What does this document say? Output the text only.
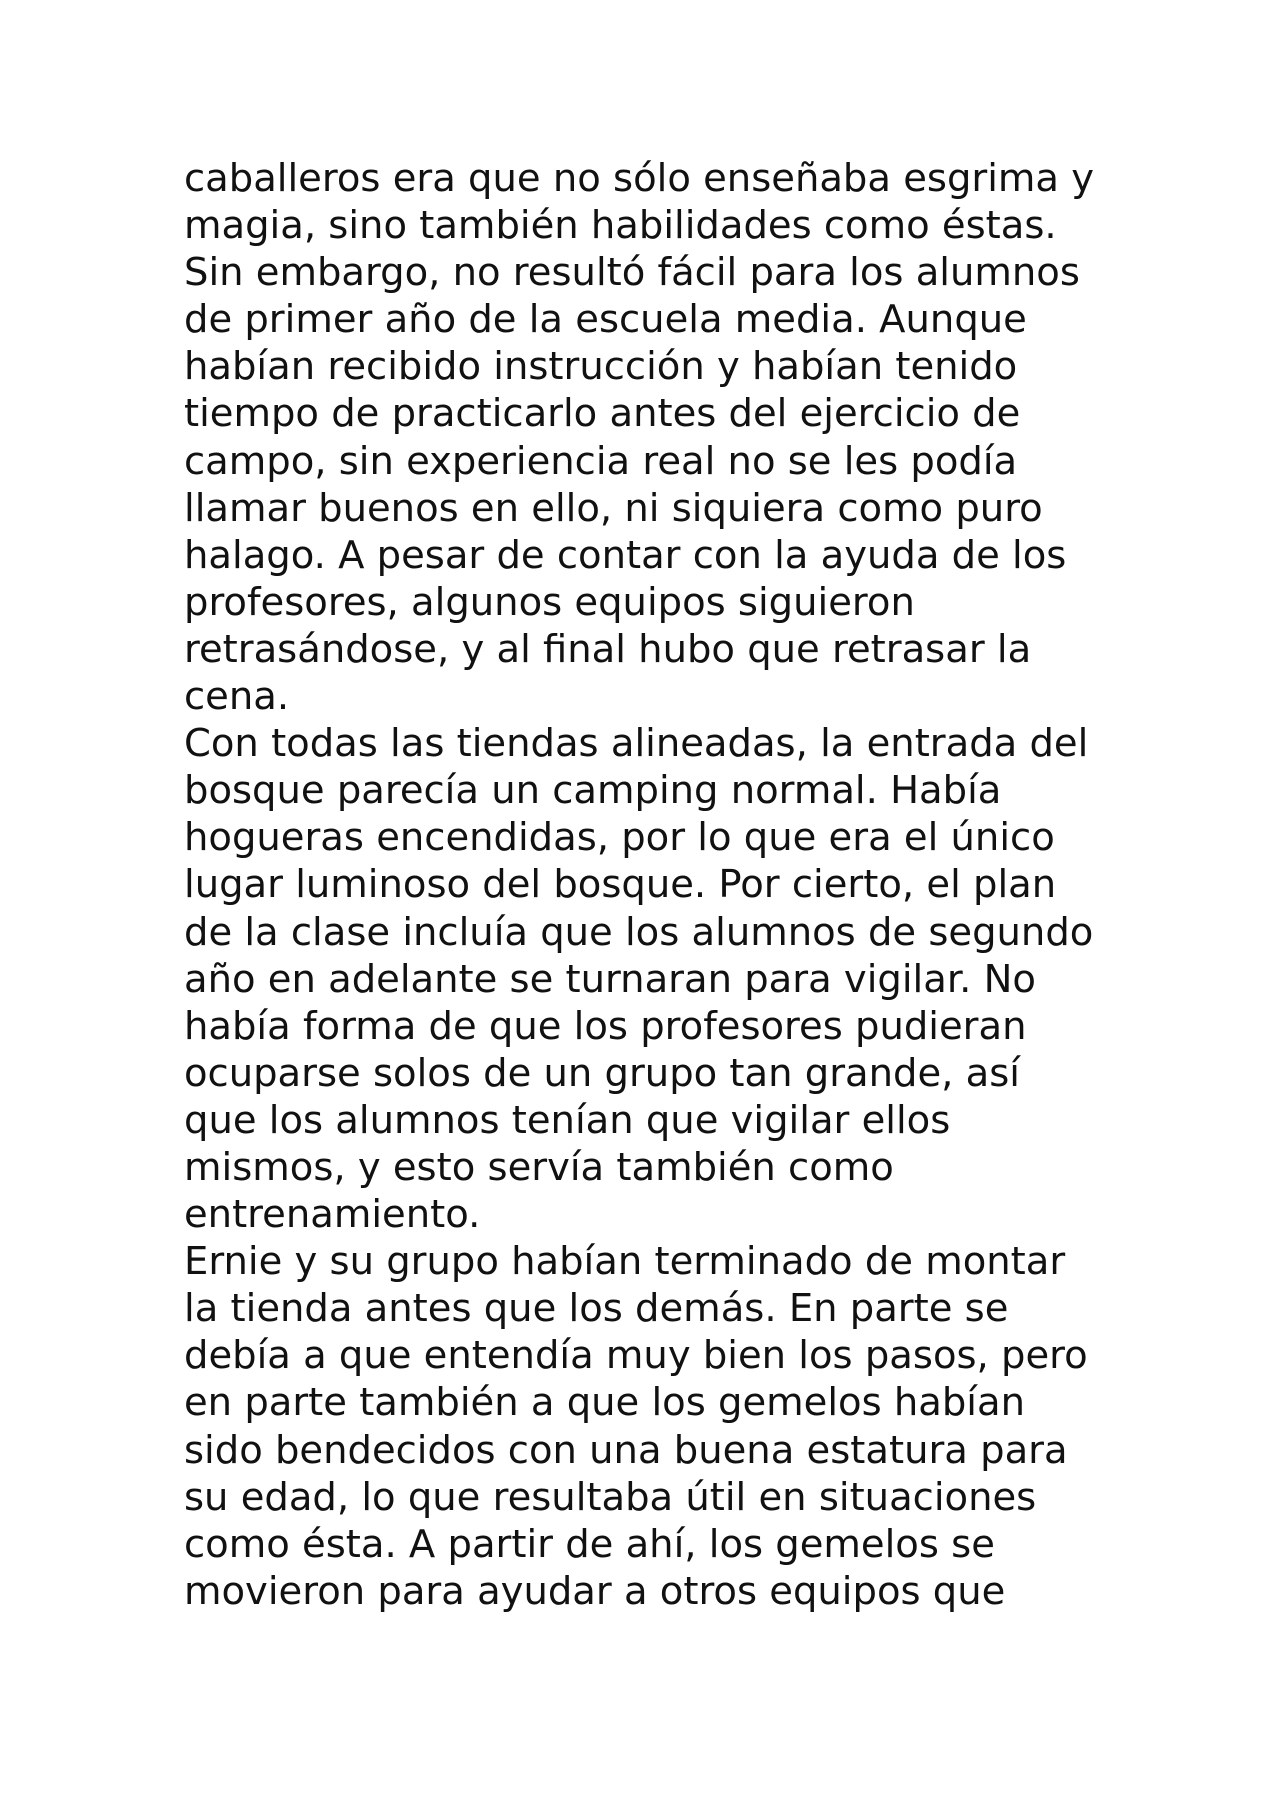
caballeros era que no sólo enseñaba esgrima y
magia, sino también habilidades como éstas.
Sin embargo, no resultó fácil para los alumnos
de primer año de la escuela media. Aunque
habían recibido instrucción y habían tenido
tiempo de practicarlo antes del ejercicio de
campo, sin experiencia real no se les podía
llamar buenos en ello, ni siquiera como puro
halago. A pesar de contar con la ayuda de los
profesores, algunos equipos siguieron
retrasándose, y al final hubo que retrasar la
cena.
Con todas las tiendas alineadas, la entrada del
bosque parecía un camping normal. Había
hogueras encendidas, por lo que era el único
lugar luminoso del bosque. Por cierto, el plan
de la clase incluía que los alumnos de segundo
año en adelante se turnaran para vigilar. No
había forma de que los profesores pudieran
ocuparse solos de un grupo tan grande, así
que los alumnos tenían que vigilar ellos
mismos, y esto servía también como
entrenamiento.
Ernie y su grupo habían terminado de montar
la tienda antes que los demás. En parte se
debía a que entendía muy bien los pasos, pero
en parte también a que los gemelos habían
sido bendecidos con una buena estatura para
su edad, lo que resultaba útil en situaciones
como ésta. A partir de ahí, los gemelos se
movieron para ayudar a otros equipos que
